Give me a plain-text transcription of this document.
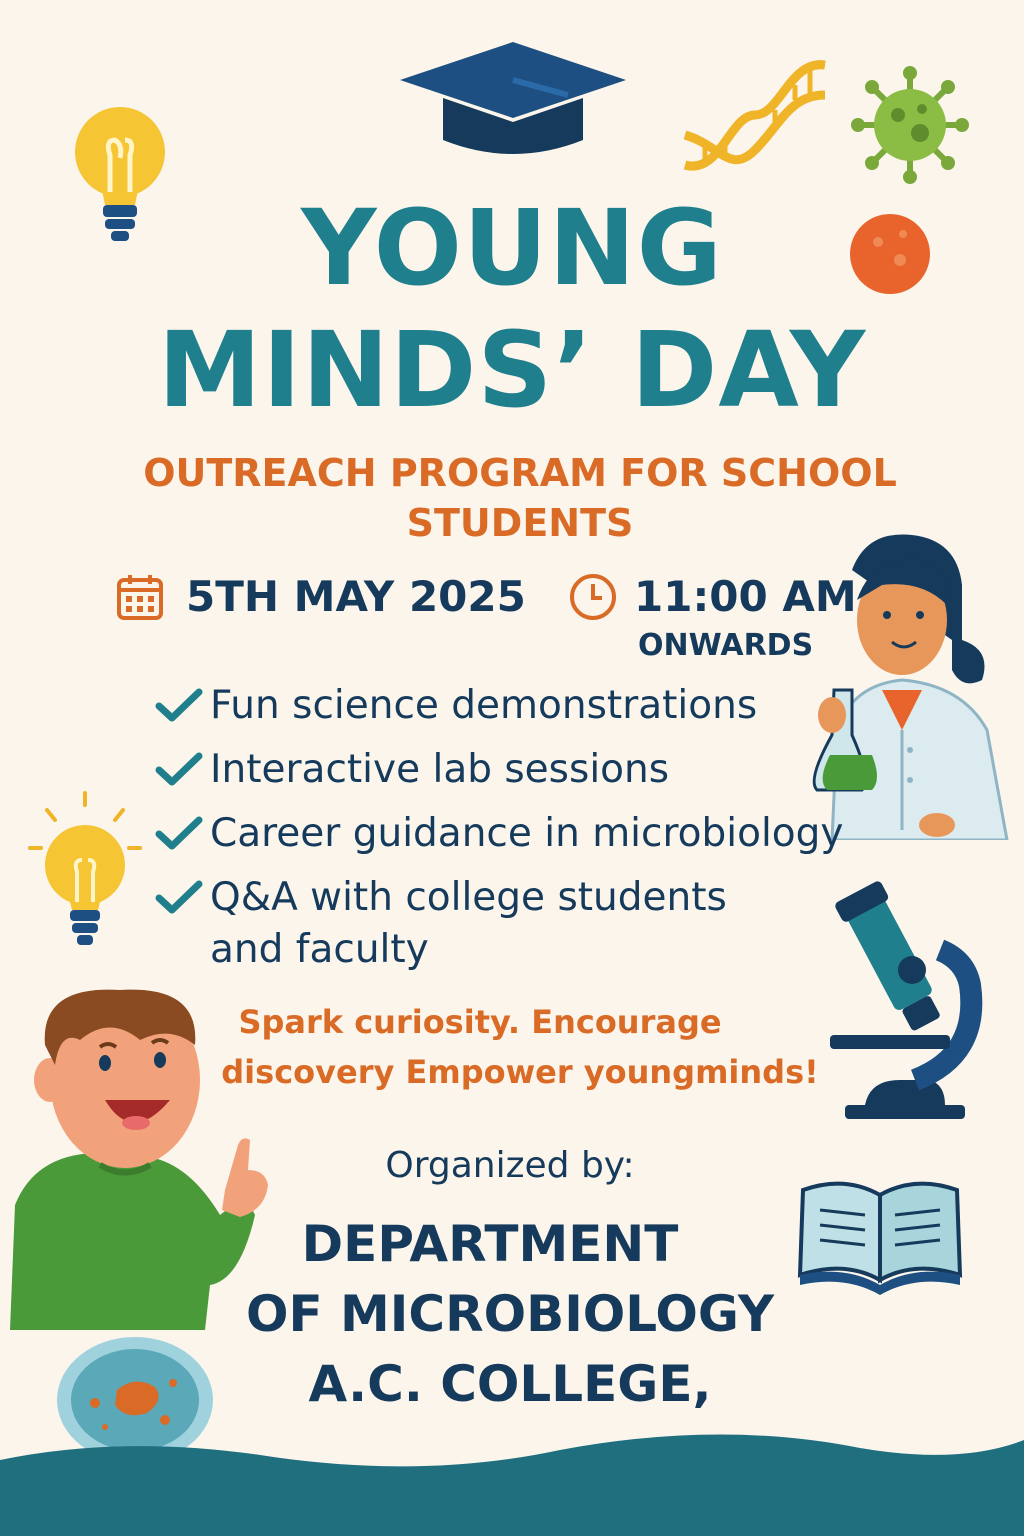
YOUNG
MINDS’ DAY
OUTREACH PROGRAM FOR SCHOOL STUDENTS
5TH MAY 2025	11:00 AM
ONWARDS
Fun science demonstrations
Interactive lab sessions
Career guidance in microbiology
Q&A with college students and faculty
Spark curiosity. Encourage
discovery Empower youngminds!
Organized by:
DEPARTMENT
OF MICROBIOLOGY
A.C. COLLEGE,
